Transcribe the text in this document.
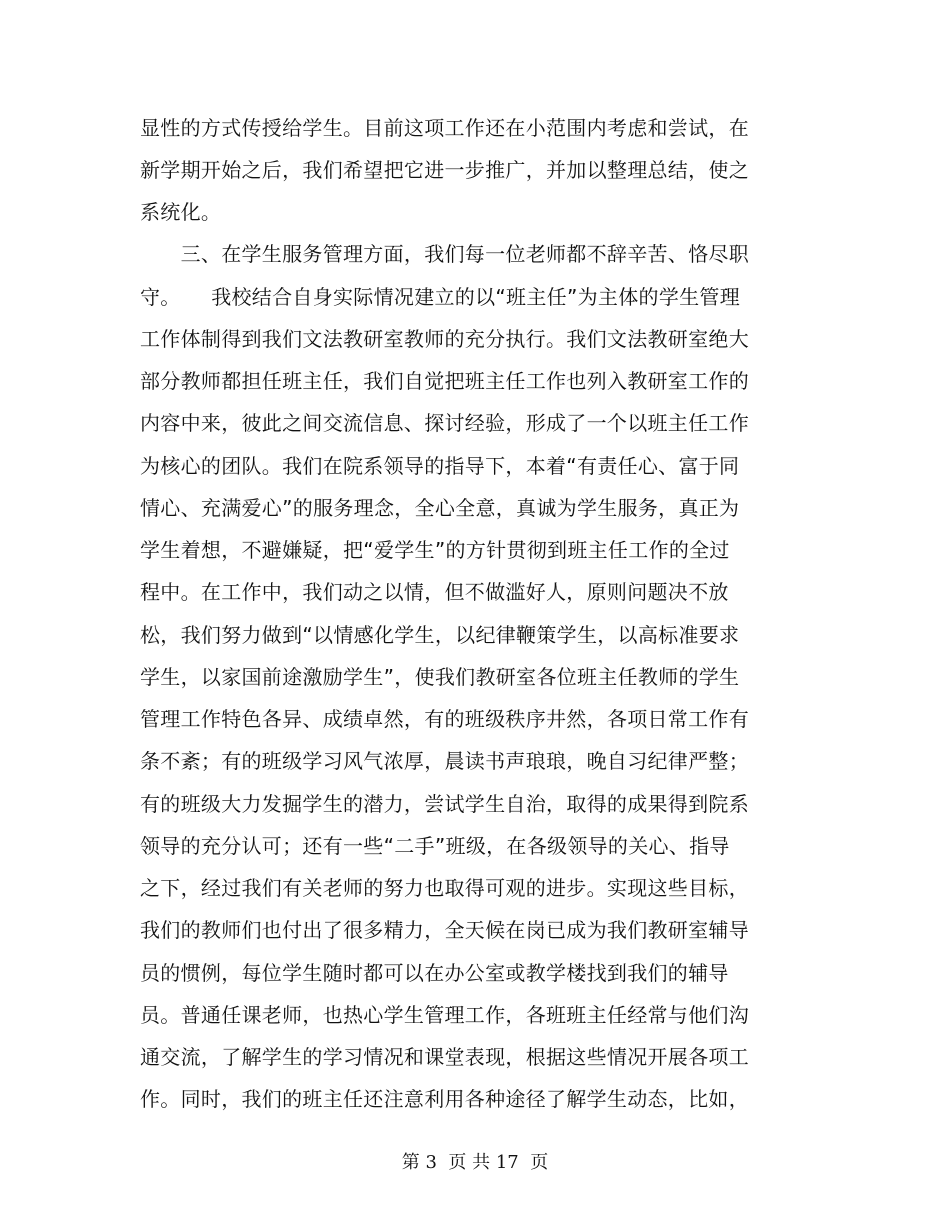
显性的方式传授给学生。目前这项工作还在小范围内考虑和尝试，在
新学期开始之后，我们希望把它进一步推广，并加以整理总结，使之
系统化。
　　三、在学生服务管理方面，我们每一位老师都不辞辛苦、恪尽职
守。　　我校结合自身实际情况建立的以“班主任”为主体的学生管理
工作体制得到我们文法教研室教师的充分执行。我们文法教研室绝大
部分教师都担任班主任，我们自觉把班主任工作也列入教研室工作的
内容中来，彼此之间交流信息、探讨经验，形成了一个以班主任工作
为核心的团队。我们在院系领导的指导下，本着“有责任心、富于同
情心、充满爱心”的服务理念，全心全意，真诚为学生服务，真正为
学生着想，不避嫌疑，把“爱学生”的方针贯彻到班主任工作的全过
程中。在工作中，我们动之以情，但不做滥好人，原则问题决不放
松，我们努力做到“以情感化学生，以纪律鞭策学生，以高标准要求
学生，以家国前途激励学生”，使我们教研室各位班主任教师的学生
管理工作特色各异、成绩卓然，有的班级秩序井然，各项日常工作有
条不紊；有的班级学习风气浓厚，晨读书声琅琅，晚自习纪律严整；
有的班级大力发掘学生的潜力，尝试学生自治，取得的成果得到院系
领导的充分认可；还有一些“二手”班级，在各级领导的关心、指导
之下，经过我们有关老师的努力也取得可观的进步。实现这些目标，
我们的教师们也付出了很多精力，全天候在岗已成为我们教研室辅导
员的惯例，每位学生随时都可以在办公室或教学楼找到我们的辅导
员。普通任课老师，也热心学生管理工作，各班班主任经常与他们沟
通交流，了解学生的学习情况和课堂表现，根据这些情况开展各项工
作。同时，我们的班主任还注意利用各种途径了解学生动态，比如，
第 3  页 共 17  页
